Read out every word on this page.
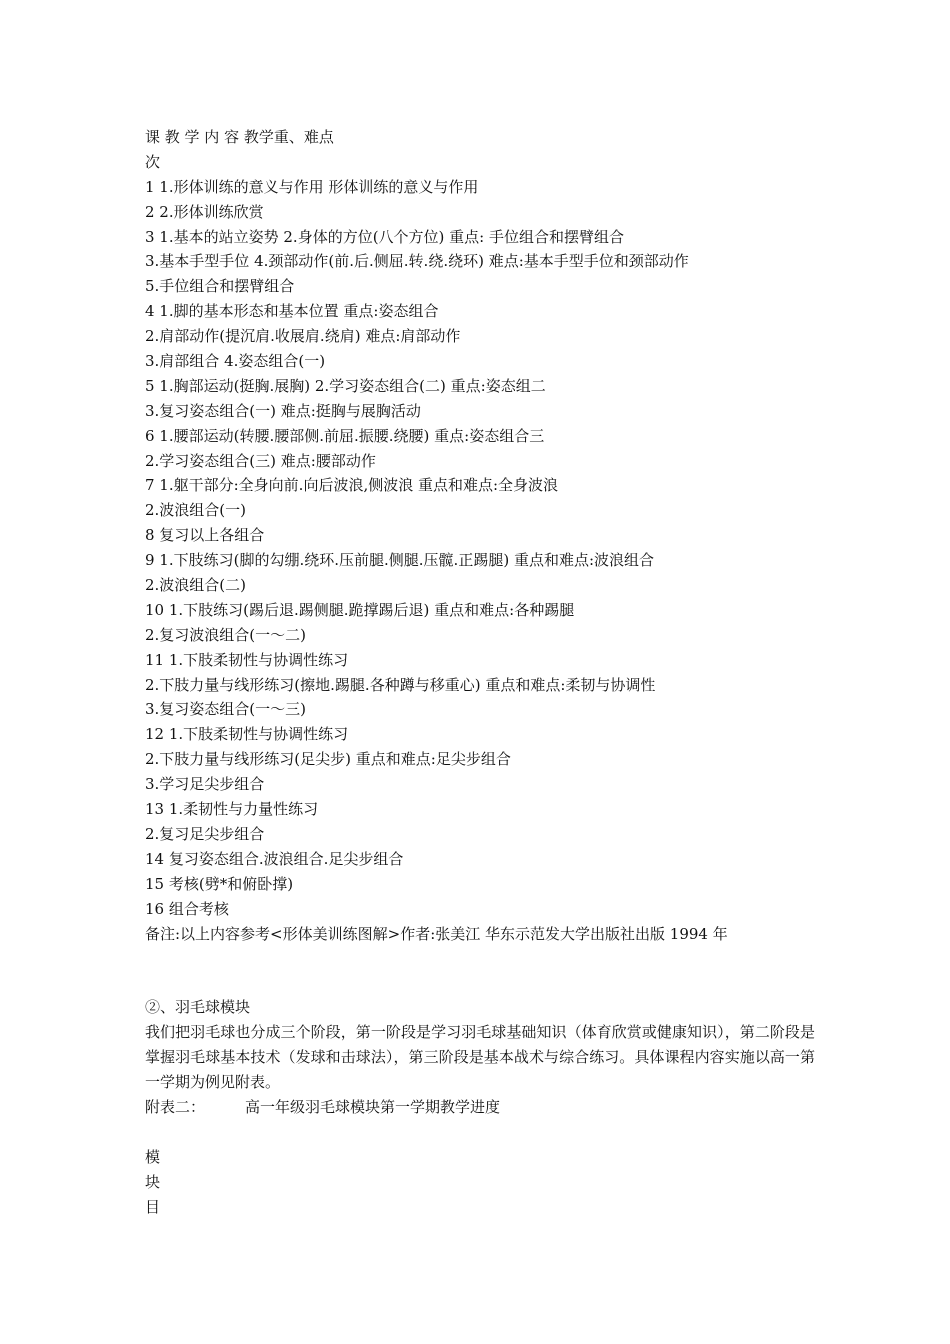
课 教 学 内 容 教学重、难点
次
1 1.形体训练的意义与作用 形体训练的意义与作用
2 2.形体训练欣赏
3 1.基本的站立姿势 2.身体的方位(八个方位) 重点: 手位组合和摆臂组合
3.基本手型手位 4.颈部动作(前.后.侧屈.转.绕.绕环) 难点:基本手型手位和颈部动作
5.手位组合和摆臂组合
4 1.脚的基本形态和基本位置 重点:姿态组合
2.肩部动作(提沉肩.收展肩.绕肩) 难点:肩部动作
3.肩部组合 4.姿态组合(一)
5 1.胸部运动(挺胸.展胸) 2.学习姿态组合(二) 重点:姿态组二
3.复习姿态组合(一) 难点:挺胸与展胸活动
6 1.腰部运动(转腰.腰部侧.前屈.振腰.绕腰) 重点:姿态组合三
2.学习姿态组合(三) 难点:腰部动作
7 1.躯干部分:全身向前.向后波浪,侧波浪 重点和难点:全身波浪
2.波浪组合(一)
8 复习以上各组合
9 1.下肢练习(脚的勾绷.绕环.压前腿.侧腿.压髋.正踢腿) 重点和难点:波浪组合
2.波浪组合(二)
10 1.下肢练习(踢后退.踢侧腿.跪撑踢后退) 重点和难点:各种踢腿
2.复习波浪组合(一～二)
11 1.下肢柔韧性与协调性练习
2.下肢力量与线形练习(擦地.踢腿.各种蹲与移重心) 重点和难点:柔韧与协调性
3.复习姿态组合(一～三)
12 1.下肢柔韧性与协调性练习
2.下肢力量与线形练习(足尖步) 重点和难点:足尖步组合
3.学习足尖步组合
13 1.柔韧性与力量性练习
2.复习足尖步组合
14 复习姿态组合.波浪组合.足尖步组合
15 考核(劈*和俯卧撑)
16 组合考核
备注:以上内容参考<形体美训练图解>作者:张美江 华东示范发大学出版社出版 1994 年
②、羽毛球模块
我们把羽毛球也分成三个阶段，第一阶段是学习羽毛球基础知识（体育欣赏或健康知识），第二阶段是掌握羽毛球基本技术（发球和击球法），第三阶段是基本战术与综合练习。具体课程内容实施以高一第一学期为例见附表。
附表二：	高一年级羽毛球模块第一学期教学进度
模
块
目
